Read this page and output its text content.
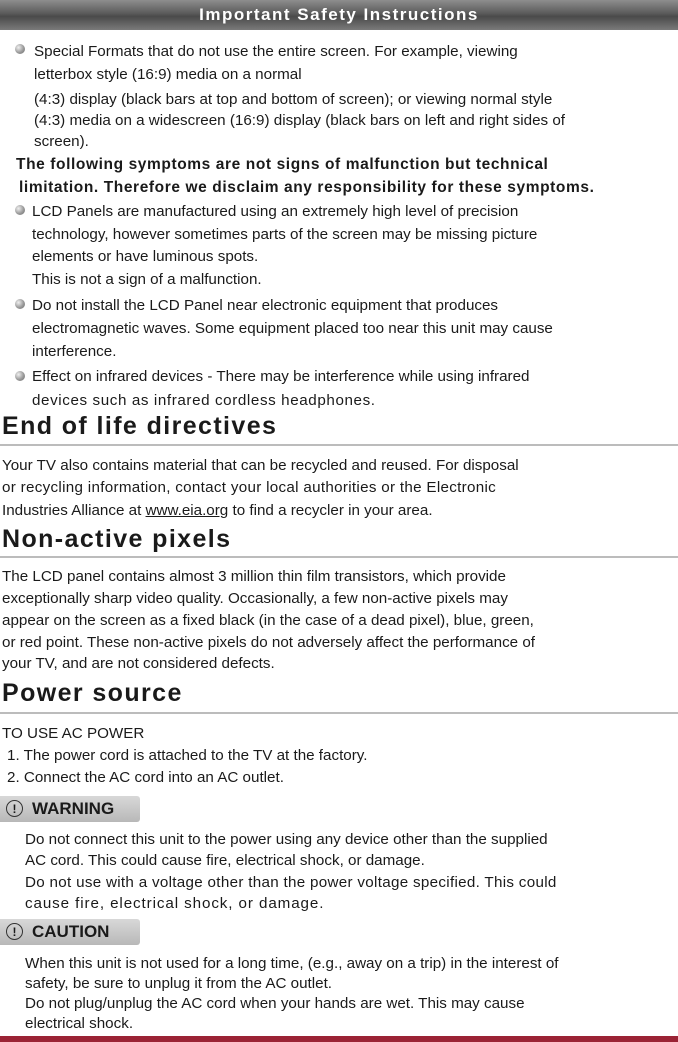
Important Safety Instructions
Special Formats that do not use the entire screen. For example, viewing
letterbox style (16:9) media on a normal
(4:3) display (black bars at top and bottom of screen); or viewing normal style
(4:3) media on a widescreen (16:9) display (black bars on left and right sides of
screen).
The following symptoms are not signs of malfunction but technical
limitation. Therefore we disclaim any responsibility for these symptoms.
LCD Panels are manufactured using an extremely high level of precision
technology, however sometimes parts of the screen may be missing picture
elements or have luminous spots.
This is not a sign of a malfunction.
Do not install the LCD Panel near electronic equipment that produces
electromagnetic waves. Some equipment placed too near this unit may cause
interference.
Effect on infrared devices - There may be interference while using infrared
devices such as infrared cordless headphones.
End of life directives
Your TV also contains material that can be recycled and reused. For disposal
or recycling information, contact your local authorities or the Electronic
Industries Alliance at www.eia.org to find a recycler in your area.
Non-active pixels
The LCD panel contains almost 3 million thin film transistors, which provide
exceptionally sharp video quality. Occasionally, a few non-active pixels may
appear on the screen as a fixed black (in the case of a dead pixel), blue, green,
or red point. These non-active pixels do not adversely affect the performance of
your TV, and are not considered defects.
Power source
TO USE AC POWER
1. The power cord is attached to the TV at the factory.
2. Connect the AC cord into an AC outlet.
! WARNING
Do not connect this unit to the power using any device other than the supplied
AC cord. This could cause fire, electrical shock, or damage.
Do not use with a voltage other than the power voltage specified. This could
cause fire, electrical shock, or damage.
! CAUTION
When this unit is not used for a long time, (e.g., away on a trip) in the interest of
safety, be sure to unplug it from the AC outlet.
Do not plug/unplug the AC cord when your hands are wet. This may cause
electrical shock.
